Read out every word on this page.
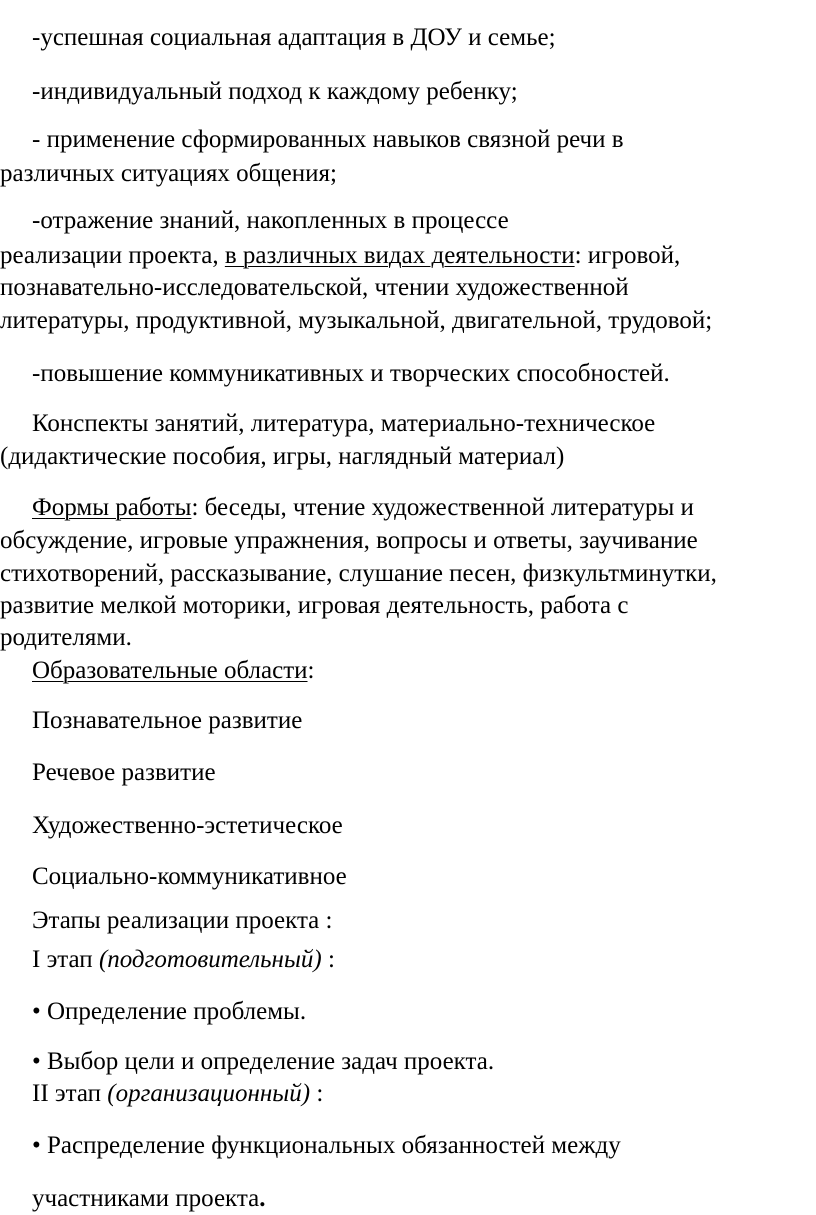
-успешная социальная адаптация в ДОУ и семье;
-индивидуальный подход к каждому ребенку;
- применение сформированных навыков связной речи в
различных ситуациях общения;
-отражение знаний, накопленных в процессе
реализации проекта, в различных видах деятельности: игровой,
познавательно-исследовательской, чтении художественной
литературы, продуктивной, музыкальной, двигательной, трудовой;
-повышение коммуникативных и творческих способностей.
Конспекты занятий, литература, материально-техническое
(дидактические пособия, игры, наглядный материал)
Формы работы: беседы, чтение художественной литературы и
обсуждение, игровые упражнения, вопросы и ответы, заучивание
стихотворений, рассказывание, слушание песен, физкультминутки,
развитие мелкой моторики, игровая деятельность, работа с
родителями.
Образовательные области:
Познавательное развитие
Речевое развитие
Художественно-эстетическое
Социально-коммуникативное
Этапы реализации проекта :
I этап (подготовительный) :
• Определение проблемы.
• Выбор цели и определение задач проекта.
II этап (организационный) :
• Распределение функциональных обязанностей между
участниками проекта.
